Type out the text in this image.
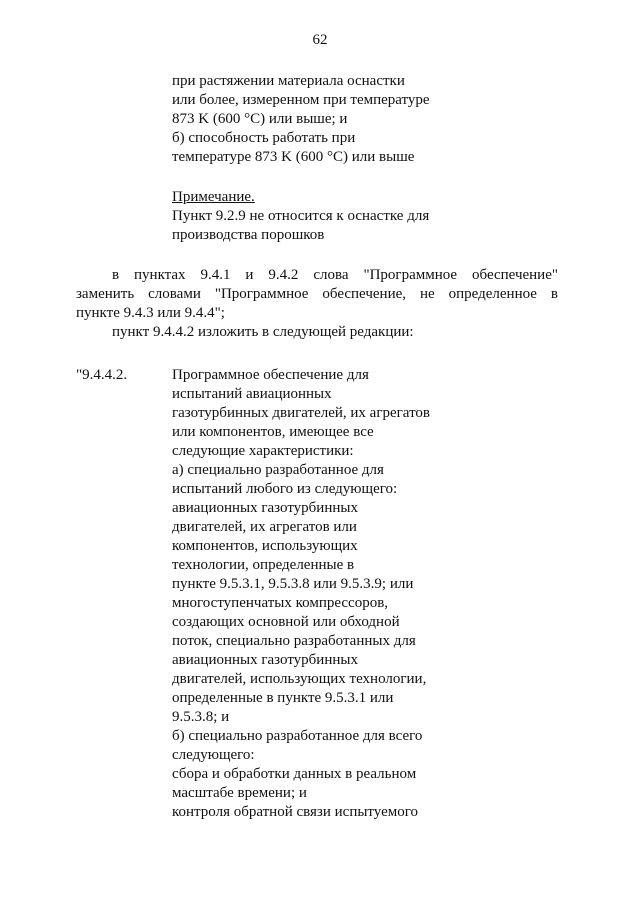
62
при растяжении материала оснастки
или более, измеренном при температуре
873 K (600 °C) или выше; и
б) способность работать при
температуре 873 K (600 °C) или выше
Примечание.
Пункт 9.2.9 не относится к оснастке для
производства порошков
в пунктах 9.4.1 и 9.4.2 слова "Программное обеспечение"
заменить словами "Программное обеспечение, не определенное в
пункте 9.4.3 или 9.4.4";
пункт 9.4.4.2 изложить в следующей редакции:
"9.4.4.2.	Программное обеспечение для
испытаний авиационных
газотурбинных двигателей, их агрегатов
или компонентов, имеющее все
следующие характеристики:
а) специально разработанное для
испытаний любого из следующего:
авиационных газотурбинных
двигателей, их агрегатов или
компонентов, использующих
технологии, определенные в
пункте 9.5.3.1, 9.5.3.8 или 9.5.3.9; или
многоступенчатых компрессоров,
создающих основной или обходной
поток, специально разработанных для
авиационных газотурбинных
двигателей, использующих технологии,
определенные в пункте 9.5.3.1 или
9.5.3.8; и
б) специально разработанное для всего
следующего:
сбора и обработки данных в реальном
масштабе времени; и
контроля обратной связи испытуемого
